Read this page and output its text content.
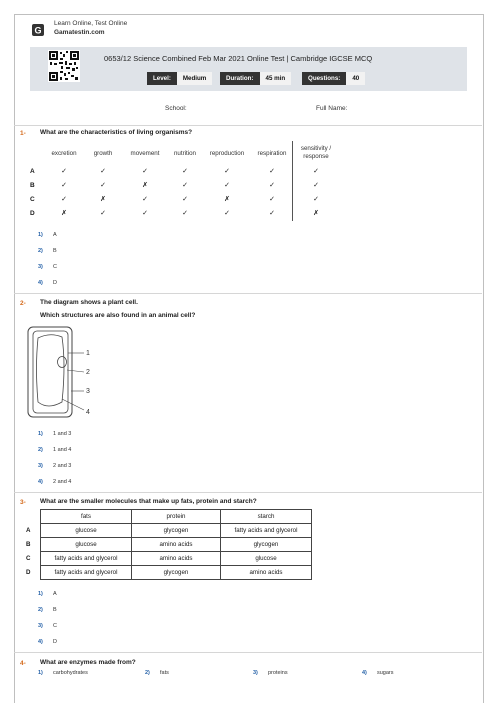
G
Learn Online, Test Online
Gamatestin.com
0653/12 Science Combined Feb Mar 2021 Online Test | Cambridge IGCSE MCQ
Level: Medium	Duration: 45 min	Questions: 40
School:	Full Name:
1- What are the characteristics of living organisms?
excretion	growth	movement	nutrition	reproduction	respiration
sensitivity / response
A	✓	✓	✓	✓	✓	✓	✓
B	✓	✓	✗	✓	✓	✓	✓
C	✓	✗	✓	✓	✗	✓	✓
D	✗	✓	✓	✓	✓	✓	✗
1) A
2) B
3) C
4) D
2- The diagram shows a plant cell.
Which structures are also found in an animal cell?
1
2
3
4
1) 1 and 3
2) 1 and 4
3) 2 and 3
4) 2 and 4
3- What are the smaller molecules that make up fats, protein and starch?
	fats	protein	starch
A	glucose	glycogen	fatty acids and glycerol
B	glucose	amino acids	glycogen
C	fatty acids and glycerol	amino acids	glucose
D	fatty acids and glycerol	glycogen	amino acids
1) A
2) B
3) C
4) D
4- What are enzymes made from?
1) carbohydrates	2) fats	3) proteins	4) sugars
